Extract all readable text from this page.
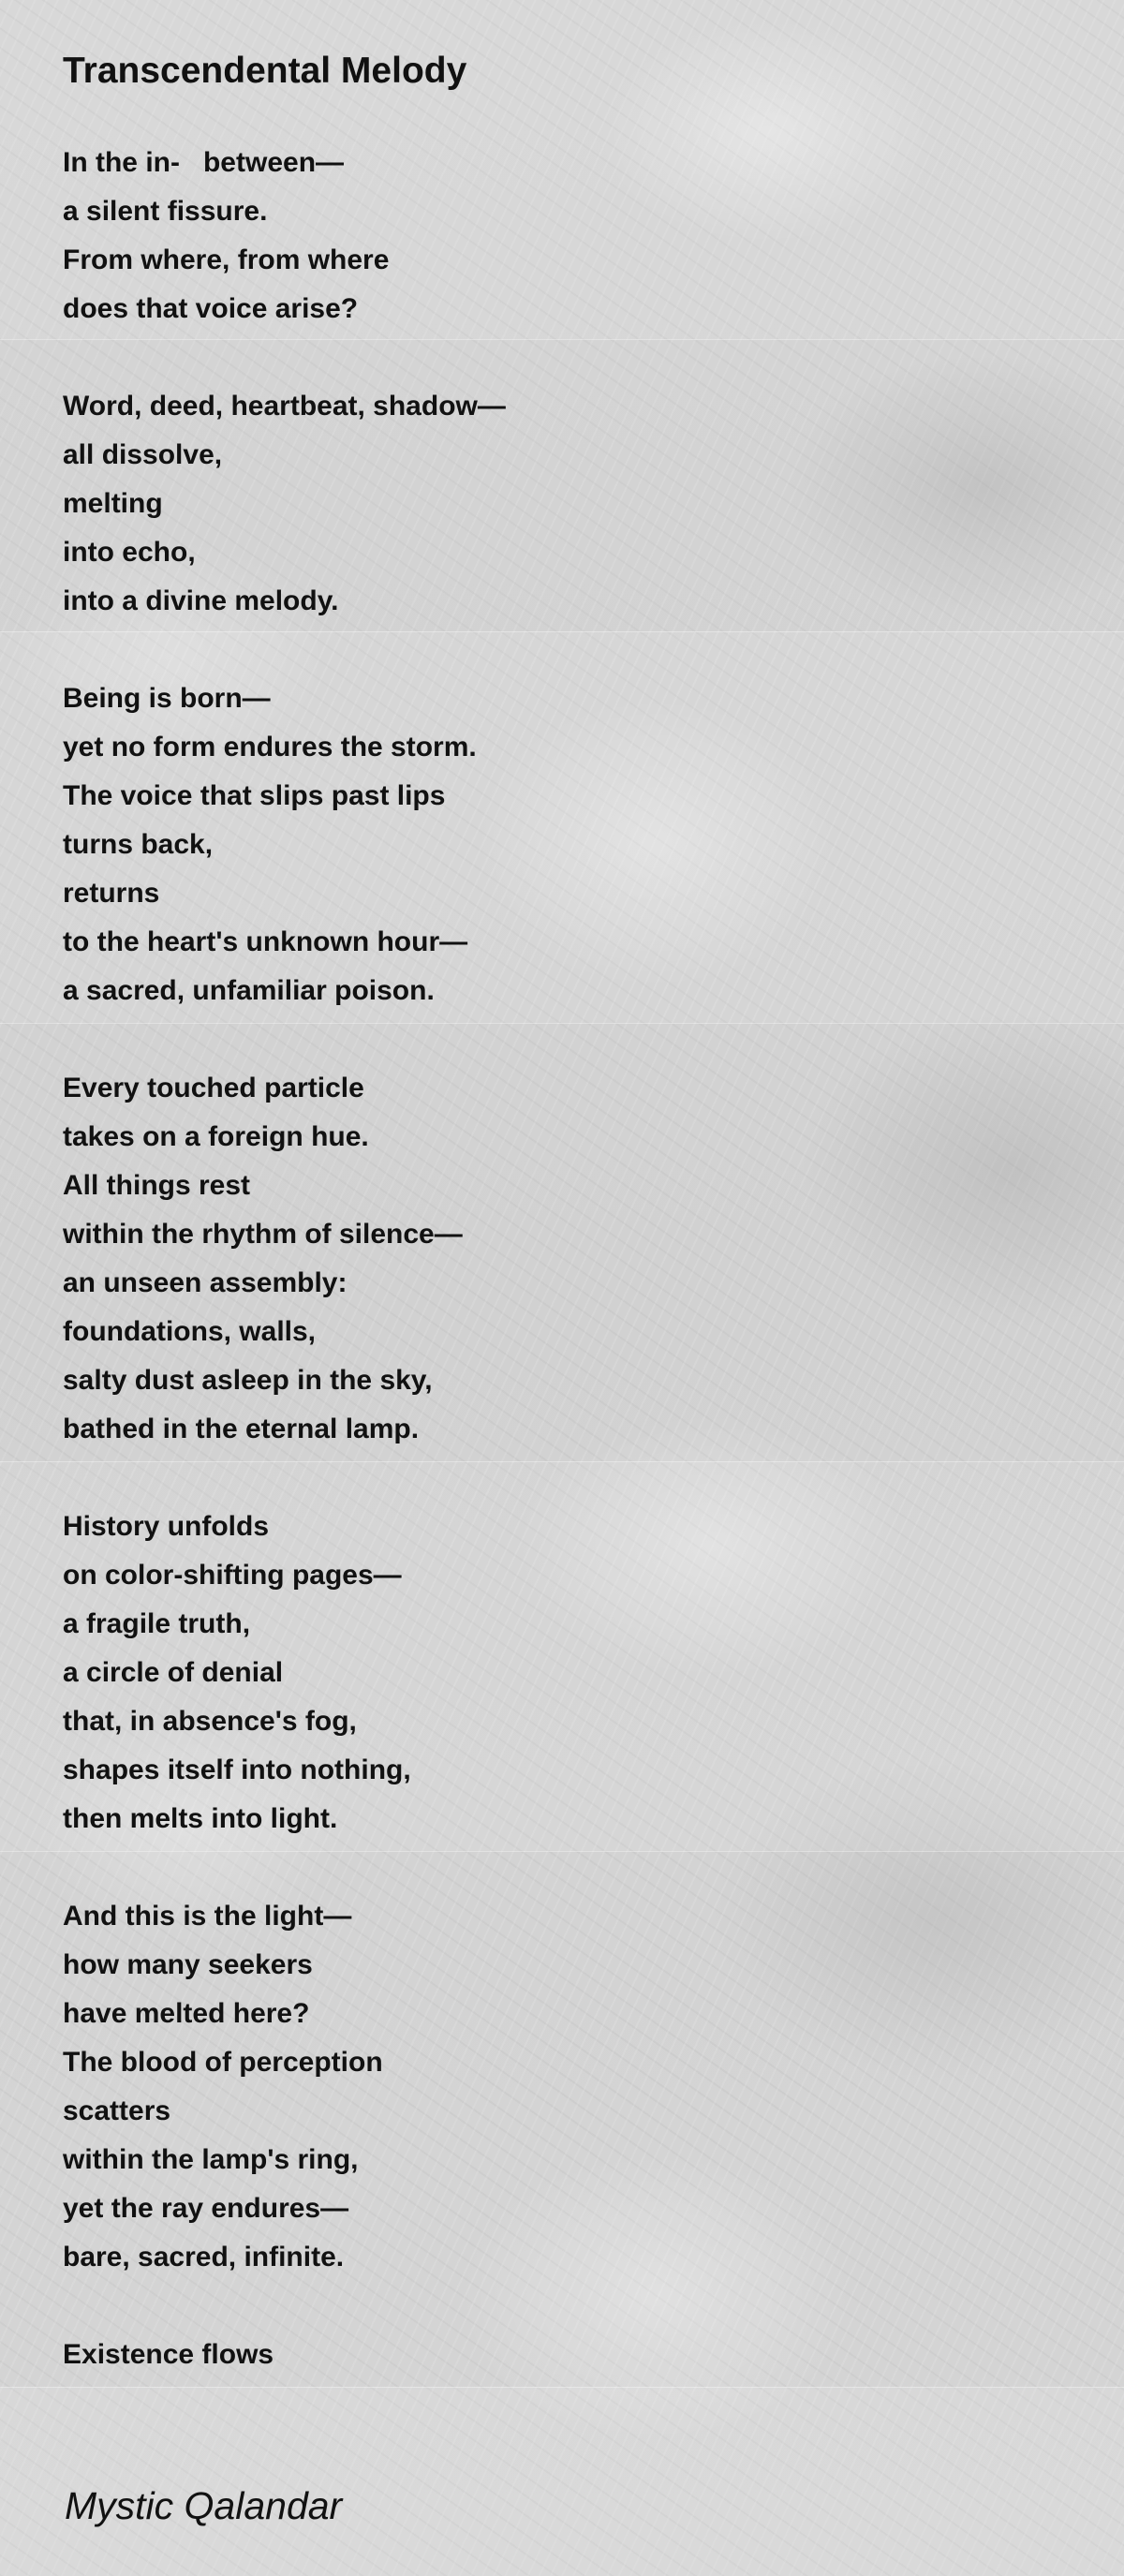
Transcendental Melody
In the in‐   between—
a silent fissure.
From where, from where
does that voice arise?
Word, deed, heartbeat, shadow—
all dissolve,
melting
into echo,
into a divine melody.
Being is born—
yet no form endures the storm.
The voice that slips past lips
turns back,
returns
to the heart's unknown hour—
a sacred, unfamiliar poison.
Every touched particle
takes on a foreign hue.
All things rest
within the rhythm of silence—
an unseen assembly:
foundations, walls,
salty dust asleep in the sky,
bathed in the eternal lamp.
History unfolds
on color-shifting pages—
a fragile truth,
a circle of denial
that, in absence's fog,
shapes itself into nothing,
then melts into light.
And this is the light—
how many seekers
have melted here?
The blood of perception
scatters
within the lamp's ring,
yet the ray endures—
bare, sacred, infinite.
Existence flows

Mystic Qalandar
